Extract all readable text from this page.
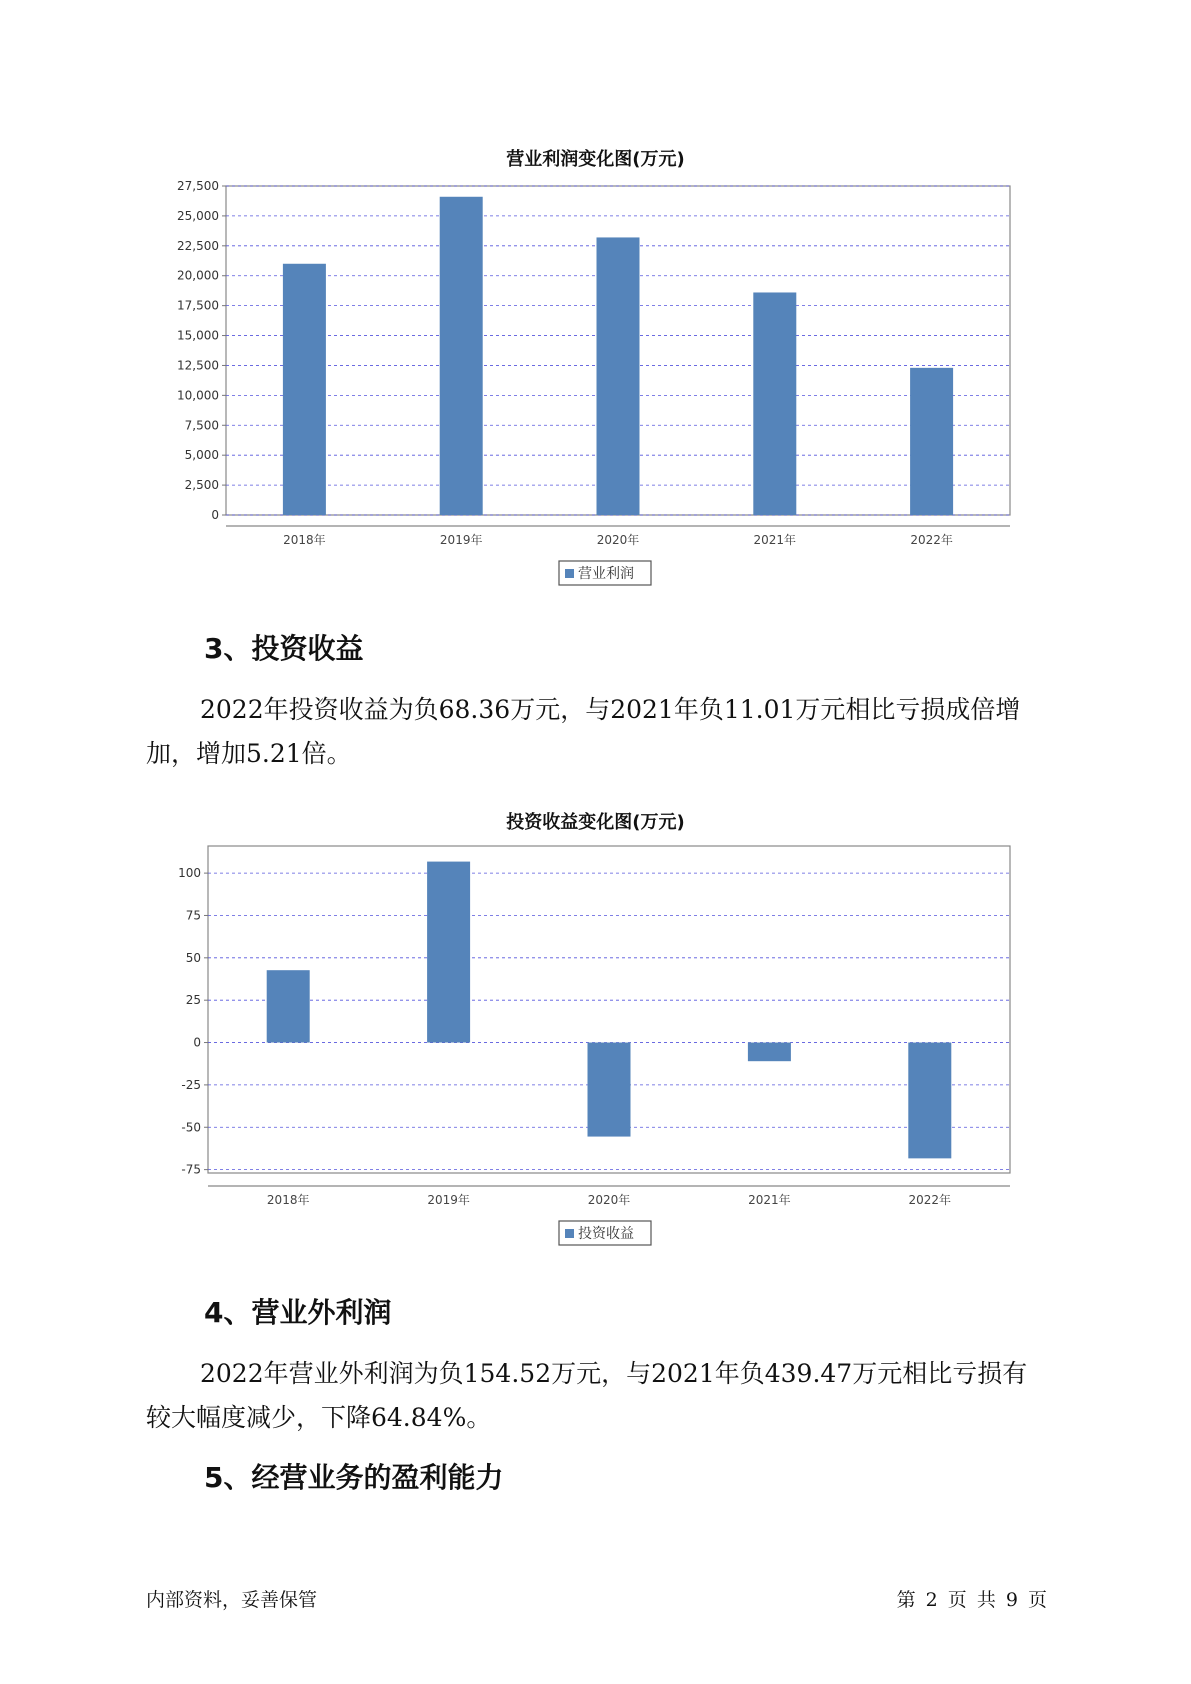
营业利润变化图(万元)
27,500
25,000
22,500
20,000
17,500
15,000
12,500
10,000
7,500
5,000
2,500
0
2018年	2019年	2020年	2021年	2022年
营业利润
3、投资收益
2022年投资收益为负68.36万元，与2021年负11.01万元相比亏损成倍增加，增加5.21倍。
投资收益变化图(万元)
100
75
50
25
0
-25
-50
-75
2018年	2019年	2020年	2021年	2022年
投资收益
4、营业外利润
2022年营业外利润为负154.52万元，与2021年负439.47万元相比亏损有较大幅度减少，下降64.84%。
5、经营业务的盈利能力
内部资料，妥善保管	第 2 页 共 9 页
